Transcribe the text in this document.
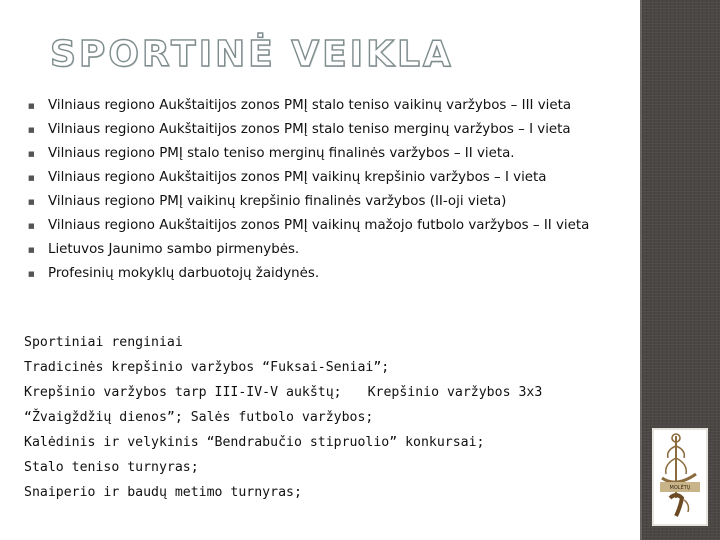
SPORTINĖ VEIKLA
■ Vilniaus regiono Aukštaitijos zonos PMĮ stalo teniso vaikinų varžybos – III vieta
■ Vilniaus regiono Aukštaitijos zonos PMĮ stalo teniso merginų varžybos – I vieta
■ Vilniaus regiono PMĮ stalo teniso merginų finalinės varžybos – II vieta.
■ Vilniaus regiono Aukštaitijos zonos PMĮ vaikinų krepšinio varžybos – I vieta
■ Vilniaus regiono PMĮ vaikinų krepšinio finalinės varžybos (II-oji vieta)
■ Vilniaus regiono Aukštaitijos zonos PMĮ vaikinų mažojo futbolo varžybos – II vieta
■ Lietuvos Jaunimo sambo pirmenybės.
■ Profesinių mokyklų darbuotojų žaidynės.
Sportiniai renginiai
Tradicinės krepšinio varžybos “Fuksai-Seniai”;
Krepšinio varžybos tarp III-IV-V aukštų; Krepšinio varžybos 3x3
“Žvaigždžių dienos”; Salės futbolo varžybos;
Kalėdinis ir velykinis “Bendrabučio stipruolio” konkursai;
Stalo teniso turnyras;
Snaiperio ir baudų metimo turnyras;	MOLĖTŲ
